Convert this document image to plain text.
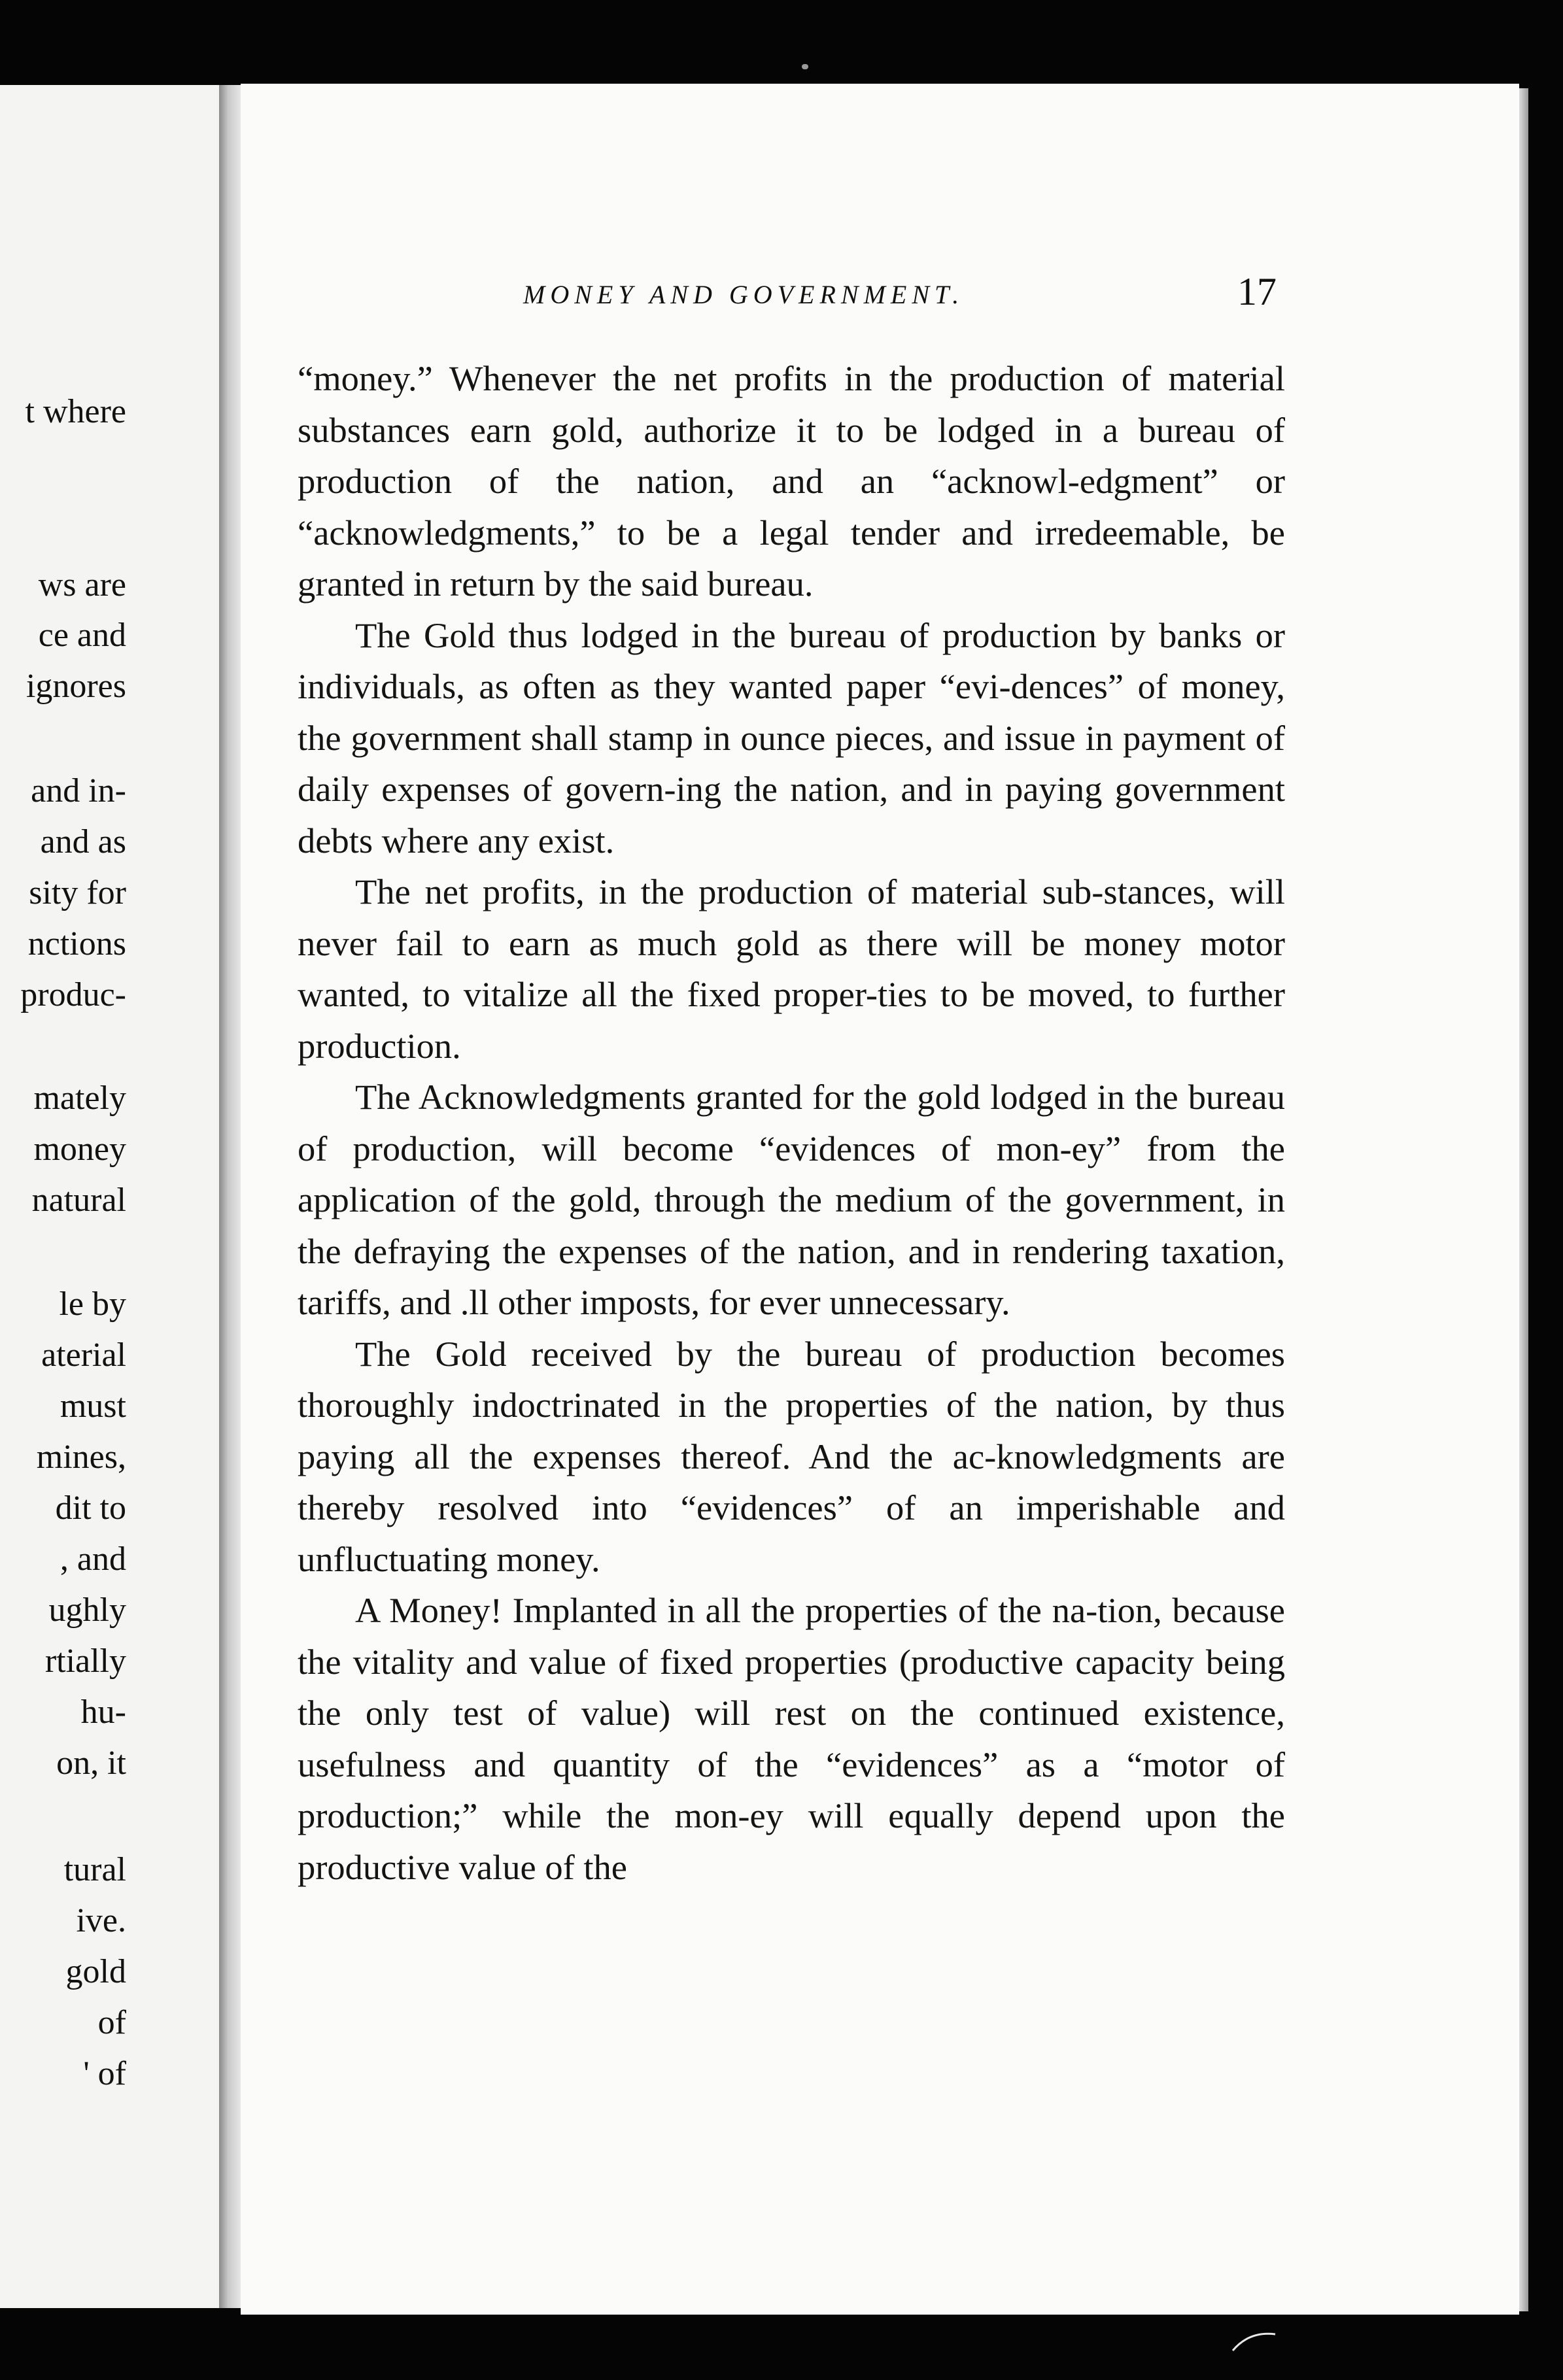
t where
ws are
ce and
ignores
and in-
and as
sity for
nctions
produc-
mately
money
natural
le by
aterial
must
mines,
dit to
, and
ughly
rtially
hu-
on, it
tural
ive.
gold
of
' of
MONEY AND GOVERNMENT.	17

“money.” Whenever the net profits in the production of material substances earn gold, authorize it to be lodged in a bureau of production of the nation, and an “acknowl-edgment” or “acknowledgments,” to be a legal tender and irredeemable, be granted in return by the said bureau.

The Gold thus lodged in the bureau of production by banks or individuals, as often as they wanted paper “evi-dences” of money, the government shall stamp in ounce pieces, and issue in payment of daily expenses of govern-ing the nation, and in paying government debts where any exist.

The net profits, in the production of material sub-stances, will never fail to earn as much gold as there will be money motor wanted, to vitalize all the fixed proper-ties to be moved, to further production.

The Acknowledgments granted for the gold lodged in the bureau of production, will become “evidences of mon-ey” from the application of the gold, through the medium of the government, in the defraying the expenses of the nation, and in rendering taxation, tariffs, and .ll other imposts, for ever unnecessary.

The Gold received by the bureau of production becomes thoroughly indoctrinated in the properties of the nation, by thus paying all the expenses thereof. And the ac-knowledgments are thereby resolved into “evidences” of an imperishable and unfluctuating money.

A Money! Implanted in all the properties of the na-tion, because the vitality and value of fixed properties (productive capacity being the only test of value) will rest on the continued existence, usefulness and quantity of the “evidences” as a “motor of production;” while the mon-ey will equally depend upon the productive value of the
